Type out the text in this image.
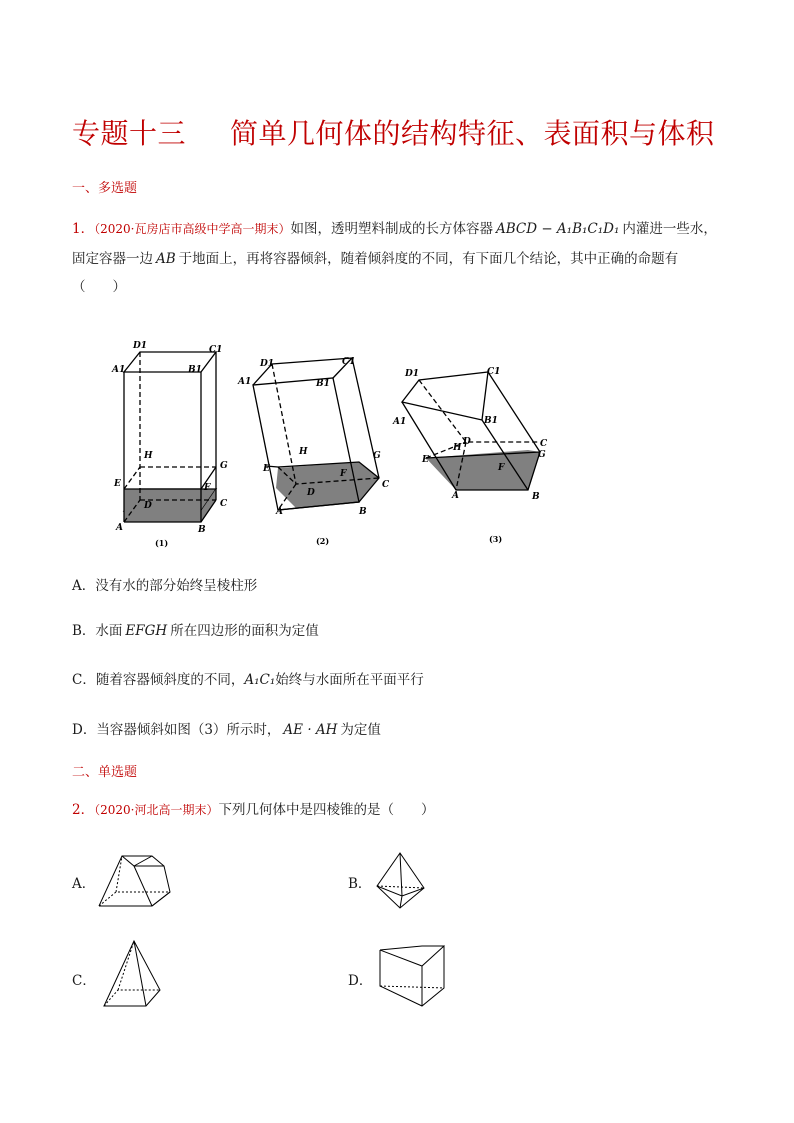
专题十三 简单几何体的结构特征、表面积与体积
一、多选题
1．（2020·瓦房店市高级中学高一期末）如图，透明塑料制成的长方体容器 ABCD − A₁B₁C₁D₁ 内灌进一些水，
固定容器一边 AB 于地面上，再将容器倾斜，随着倾斜度的不同，有下面几个结论，其中正确的命题有
（　　）
D1	C1
A1	B1
H
G
E	F
D	C
A	B
(1)
D1	C1
A1	B1
H	G
E	F
D
C
A	B
(2)
D1	C1
A1	B1
H
D	C
G
E
F
A	B
(3)
A．没有水的部分始终呈棱柱形
B．水面 EFGH 所在四边形的面积为定值
C．随着容器倾斜度的不同，A₁C₁始终与水面所在平面平行
D．当容器倾斜如图（3）所示时， AE · AH 为定值
二、单选题
2．（2020·河北高一期末）下列几何体中是四棱锥的是（　　）
A．	B．
C．	D．
